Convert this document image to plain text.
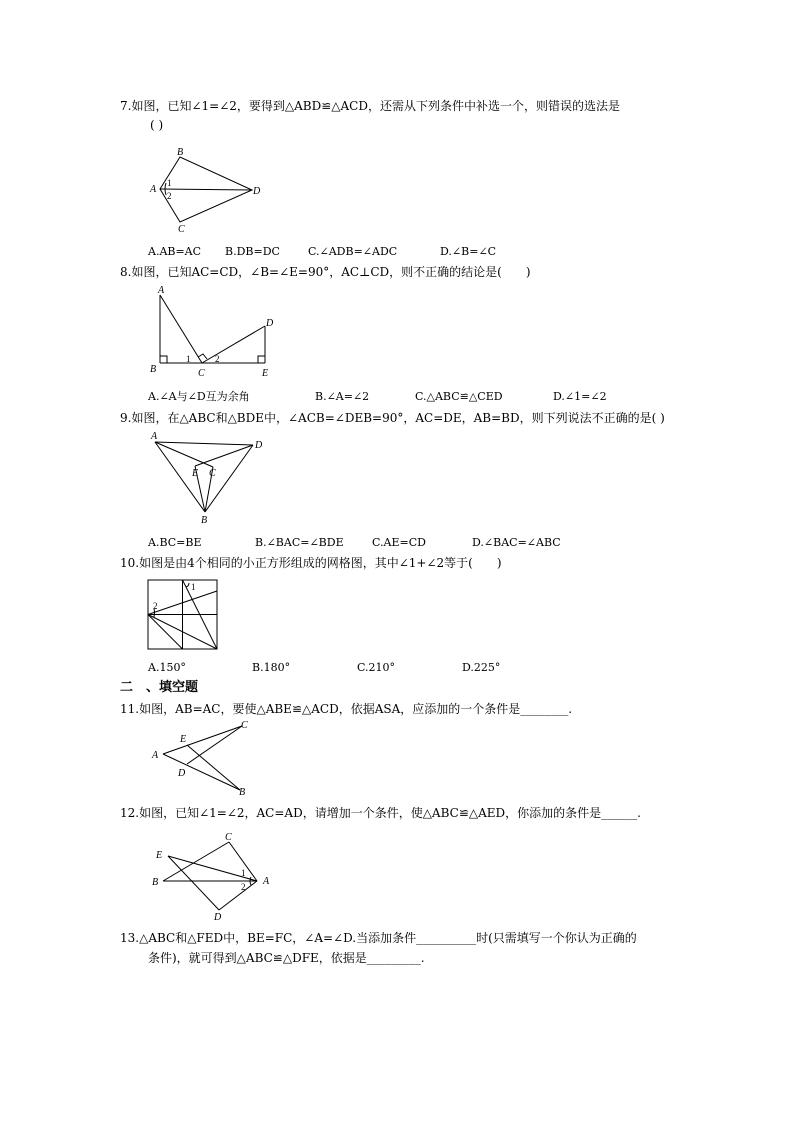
7.如图，已知∠1=∠2，要得到△ABD≌△ACD，还需从下列条件中补选一个，则错误的选法是
( )
B
A
C
D
1
2
A.AB=AC B.DB=DC	C.∠ADB=∠ADC	D.∠B=∠C
8.如图，已知AC=CD，∠B=∠E=90°，AC⊥CD，则不正确的结论是(　　)
A
B	C
D
E
1	2
A.∠A与∠D互为余角	B.∠A=∠2	C.△ABC≌△CED	D.∠1=∠2
9.如图，在△ABC和△BDE中，∠ACB=∠DEB=90°，AC=DE，AB=BD，则下列说法不正确的是( )
A
D
E C
B
A.BC=BE	B.∠BAC=∠BDE	C.AE=CD	D.∠BAC=∠ABC
10.如图是由4个相同的小正方形组成的网格图，其中∠1+∠2等于(　　)
1
2
A.150°	B.180°	C.210°	D.225°
二　、填空题
11.如图，AB=AC，要使△ABE≌△ACD，依据ASA，应添加的一个条件是________.
A
E
D
C
B
12.如图，已知∠1=∠2，AC=AD，请增加一个条件，使△ABC≌△AED，你添加的条件是______.
C
E
B	A
D
1
2
13.△ABC和△FED中，BE=FC，∠A=∠D.当添加条件__________时(只需填写一个你认为正确的
条件)，就可得到△ABC≌△DFE，依据是_________.
